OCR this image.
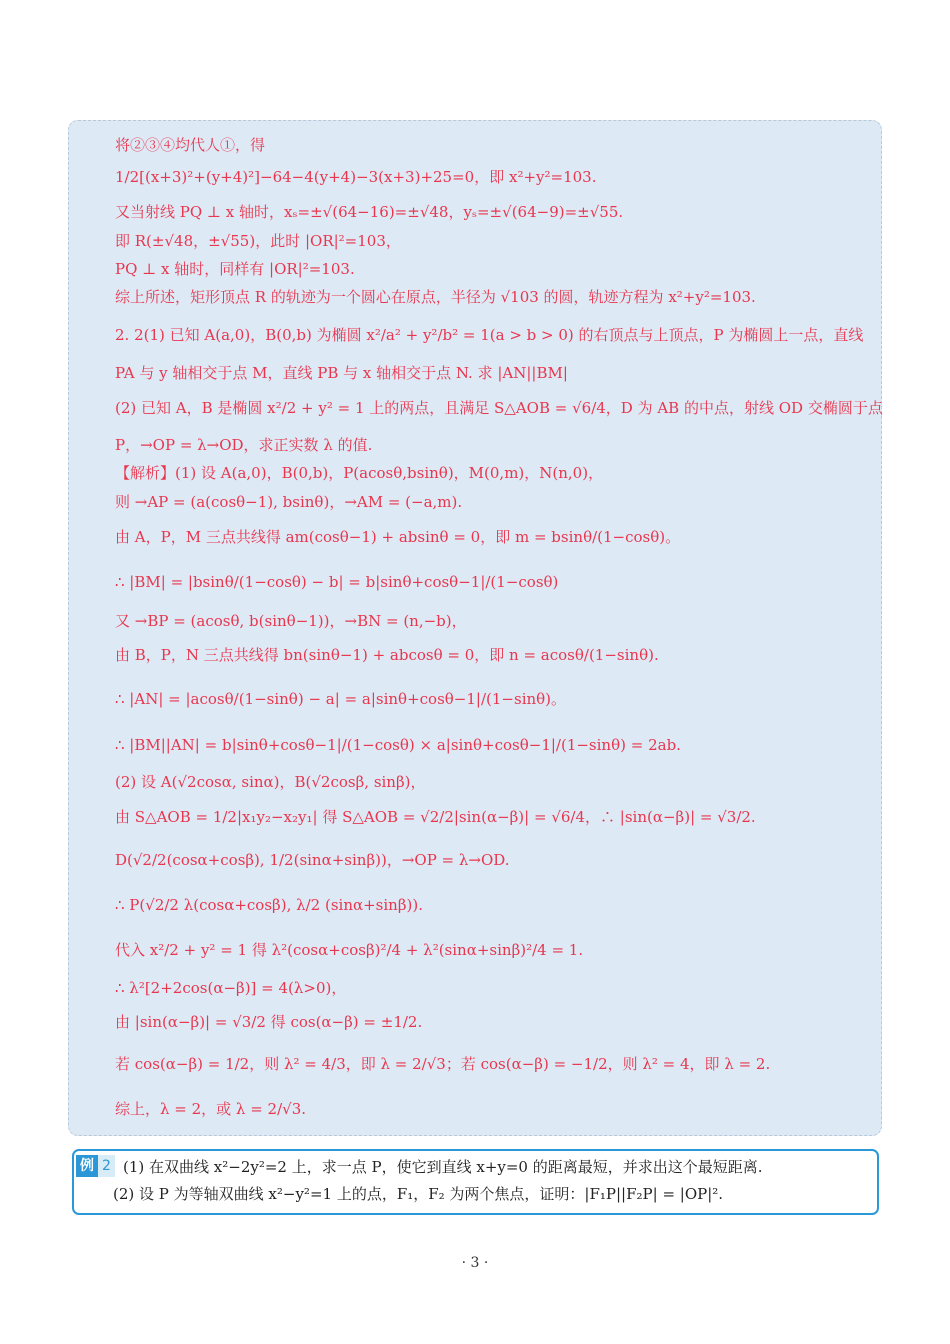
将②③④均代人①，得
1/2[(x+3)²+(y+4)²]−64−4(y+4)−3(x+3)+25=0，即 x²+y²=103.
又当射线 PQ ⊥ x 轴时，xₛ=±√(64−16)=±√48，yₛ=±√(64−9)=±√55.
即 R(±√48，±√55)，此时 |OR|²=103，
PQ ⊥ x 轴时，同样有 |OR|²=103.
综上所述，矩形顶点 R 的轨迹为一个圆心在原点，半径为 √103 的圆，轨迹方程为 x²+y²=103.
2. 2(1) 已知 A(a,0)，B(0,b) 为椭圆 x²/a² + y²/b² = 1(a > b > 0) 的右顶点与上顶点，P 为椭圆上一点，直线
PA 与 y 轴相交于点 M，直线 PB 与 x 轴相交于点 N. 求 |AN||BM|
(2) 已知 A，B 是椭圆 x²/2 + y² = 1 上的两点，且满足 S△AOB = √6/4，D 为 AB 的中点，射线 OD 交椭圆于点
P，→OP = λ→OD，求正实数 λ 的值.
【解析】(1) 设 A(a,0)，B(0,b)，P(acosθ,bsinθ)，M(0,m)，N(n,0)，
则 →AP = (a(cosθ−1), bsinθ)，→AM = (−a,m).
由 A，P，M 三点共线得 am(cosθ−1) + absinθ = 0，即 m = bsinθ/(1−cosθ)。
∴ |BM| = |bsinθ/(1−cosθ) − b| = b|sinθ+cosθ−1|/(1−cosθ)
又 →BP = (acosθ, b(sinθ−1))，→BN = (n,−b)，
由 B，P，N 三点共线得 bn(sinθ−1) + abcosθ = 0，即 n = acosθ/(1−sinθ).
∴ |AN| = |acosθ/(1−sinθ) − a| = a|sinθ+cosθ−1|/(1−sinθ)。
∴ |BM||AN| = b|sinθ+cosθ−1|/(1−cosθ) × a|sinθ+cosθ−1|/(1−sinθ) = 2ab.
(2) 设 A(√2cosα, sinα)，B(√2cosβ, sinβ)，
由 S△AOB = 1/2|x₁y₂−x₂y₁| 得 S△AOB = √2/2|sin(α−β)| = √6/4，∴ |sin(α−β)| = √3/2.
D(√2/2(cosα+cosβ), 1/2(sinα+sinβ))，→OP = λ→OD.
∴ P(√2/2 λ(cosα+cosβ), λ/2 (sinα+sinβ)).
代入 x²/2 + y² = 1 得 λ²(cosα+cosβ)²/4 + λ²(sinα+sinβ)²/4 = 1.
∴ λ²[2+2cos(α−β)] = 4(λ>0)，
由 |sin(α−β)| = √3/2 得 cos(α−β) = ±1/2.
若 cos(α−β) = 1/2，则 λ² = 4/3，即 λ = 2/√3；若 cos(α−β) = −1/2，则 λ² = 4，即 λ = 2.
综上，λ = 2，或 λ = 2/√3.
例 2 (1) 在双曲线 x²−2y²=2 上，求一点 P，使它到直线 x+y=0 的距离最短，并求出这个最短距离.
(2) 设 P 为等轴双曲线 x²−y²=1 上的点，F₁，F₂ 为两个焦点，证明：|F₁P||F₂P| = |OP|².
· 3 ·
